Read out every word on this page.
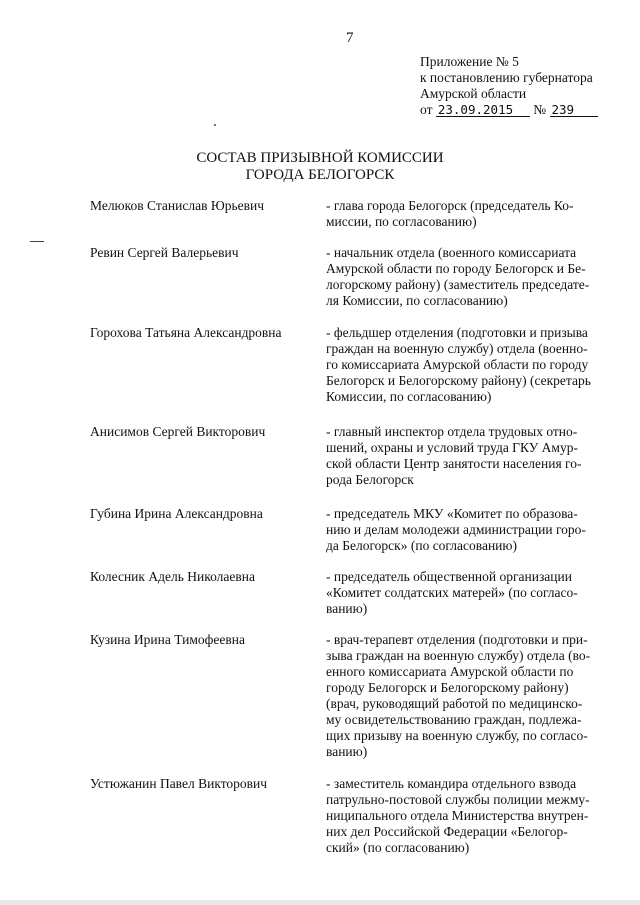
7
Приложение № 5
к постановлению губернатора
Амурской области
от 23.09.2015 № 239
СОСТАВ ПРИЗЫВНОЙ КОМИССИИ
ГОРОДА БЕЛОГОРСК
Мелюков Станислав Юрьевич	- глава города Белогорск (председатель Ко-
миссии, по согласованию)
Ревин Сергей Валерьевич	- начальник отдела (военного комиссариата
Амурской области по городу Белогорск и Бе-
логорскому району) (заместитель председате-
ля Комиссии, по согласованию)
Горохова Татьяна Александровна	- фельдшер отделения (подготовки и призыва
граждан на военную службу) отдела (военно-
го комиссариата Амурской области по городу
Белогорск и Белогорскому району) (секретарь
Комиссии, по согласованию)
Анисимов Сергей Викторович	- главный инспектор отдела трудовых отно-
шений, охраны и условий труда ГКУ Амур-
ской области Центр занятости населения го-
рода Белогорск
Губина Ирина Александровна	- председатель МКУ «Комитет по образова-
нию и делам молодежи администрации горо-
да Белогорск» (по согласованию)
Колесник Адель Николаевна	- председатель общественной организации
«Комитет солдатских матерей» (по согласо-
ванию)
Кузина Ирина Тимофеевна	- врач-терапевт отделения (подготовки и при-
зыва граждан на военную службу) отдела (во-
енного комиссариата Амурской области по
городу Белогорск и Белогорскому району)
(врач, руководящий работой по медицинско-
му освидетельствованию граждан, подлежа-
щих призыву на военную службу, по согласо-
ванию)
Устюжанин Павел Викторович	- заместитель командира отдельного взвода
патрульно-постовой службы полиции межму-
ниципального отдела Министерства внутрен-
них дел Российской Федерации «Белогор-
ский» (по согласованию)
